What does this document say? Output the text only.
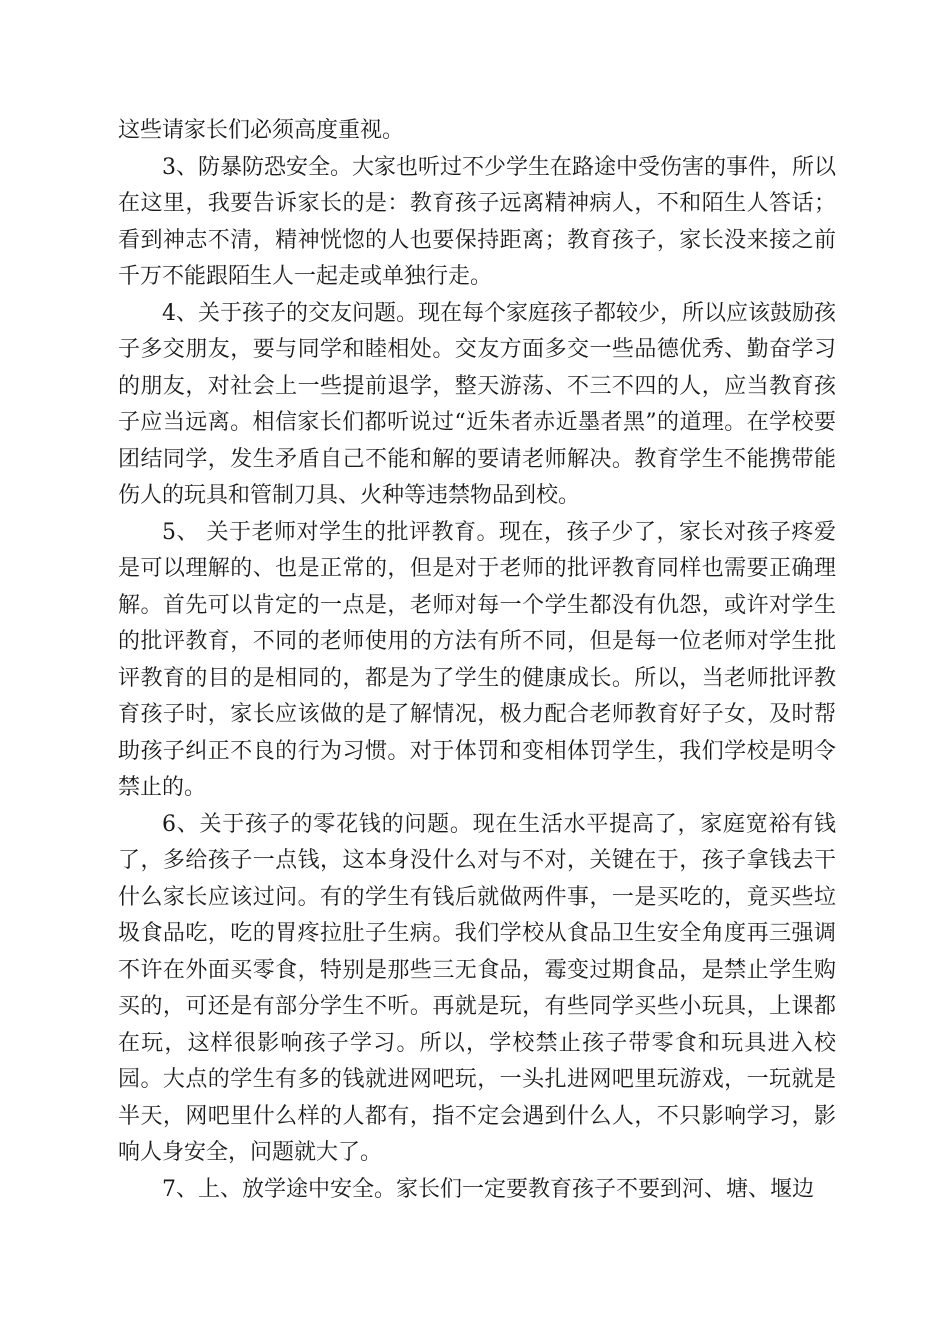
这些请家长们必须高度重视。

3、防暴防恐安全。大家也听过不少学生在路途中受伤害的事件，所以在这里，我要告诉家长的是：教育孩子远离精神病人，不和陌生人答话；看到神志不清，精神恍惚的人也要保持距离；教育孩子，家长没来接之前千万不能跟陌生人一起走或单独行走。

4、关于孩子的交友问题。现在每个家庭孩子都较少，所以应该鼓励孩子多交朋友，要与同学和睦相处。交友方面多交一些品德优秀、勤奋学习的朋友，对社会上一些提前退学，整天游荡、不三不四的人，应当教育孩子应当远离。相信家长们都听说过“近朱者赤近墨者黑”的道理。在学校要团结同学，发生矛盾自己不能和解的要请老师解决。教育学生不能携带能伤人的玩具和管制刀具、火种等违禁物品到校。

5、 关于老师对学生的批评教育。现在，孩子少了，家长对孩子疼爱是可以理解的、也是正常的，但是对于老师的批评教育同样也需要正确理解。首先可以肯定的一点是，老师对每一个学生都没有仇怨，或许对学生的批评教育，不同的老师使用的方法有所不同，但是每一位老师对学生批评教育的目的是相同的，都是为了学生的健康成长。所以，当老师批评教育孩子时，家长应该做的是了解情况，极力配合老师教育好子女，及时帮助孩子纠正不良的行为习惯。对于体罚和变相体罚学生，我们学校是明令禁止的。

6、关于孩子的零花钱的问题。现在生活水平提高了，家庭宽裕有钱了，多给孩子一点钱，这本身没什么对与不对，关键在于，孩子拿钱去干什么家长应该过问。有的学生有钱后就做两件事，一是买吃的，竟买些垃圾食品吃，吃的胃疼拉肚子生病。我们学校从食品卫生安全角度再三强调不许在外面买零食，特别是那些三无食品，霉变过期食品，是禁止学生购买的，可还是有部分学生不听。再就是玩，有些同学买些小玩具，上课都在玩，这样很影响孩子学习。所以，学校禁止孩子带零食和玩具进入校园。大点的学生有多的钱就进网吧玩，一头扎进网吧里玩游戏，一玩就是半天，网吧里什么样的人都有，指不定会遇到什么人，不只影响学习，影响人身安全，问题就大了。

7、上、放学途中安全。家长们一定要教育孩子不要到河、塘、堰边
